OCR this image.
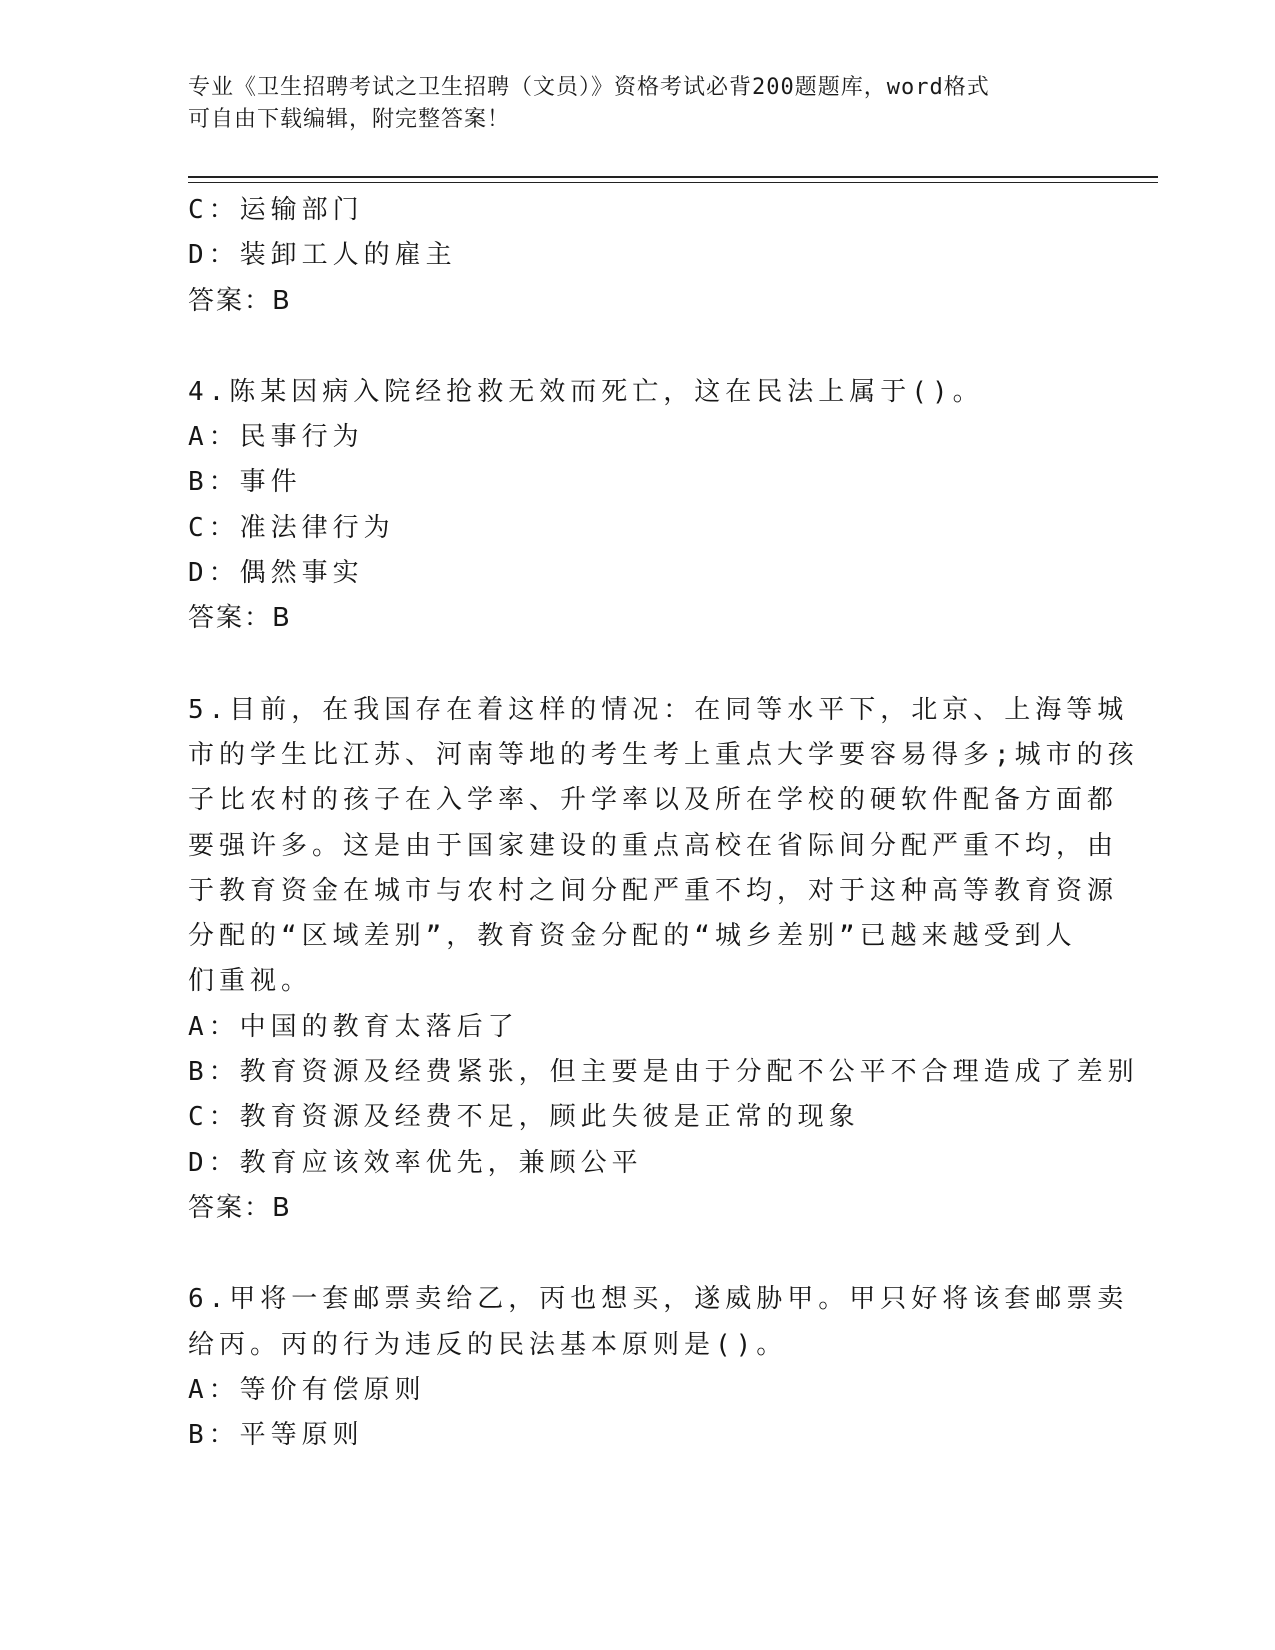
专业《卫生招聘考试之卫生招聘（文员）》资格考试必背200题题库，word格式
可自由下载编辑，附完整答案！
C：运输部门
D：装卸工人的雇主
答案：B
4.陈某因病入院经抢救无效而死亡，这在民法上属于()。
A：民事行为
B：事件
C：准法律行为
D：偶然事实
答案：B
5.目前，在我国存在着这样的情况：在同等水平下，北京、上海等城
市的学生比江苏、河南等地的考生考上重点大学要容易得多;城市的孩
子比农村的孩子在入学率、升学率以及所在学校的硬软件配备方面都
要强许多。这是由于国家建设的重点高校在省际间分配严重不均，由
于教育资金在城市与农村之间分配严重不均，对于这种高等教育资源
分配的“区域差别”，教育资金分配的“城乡差别”已越来越受到人
们重视。
A：中国的教育太落后了
B：教育资源及经费紧张，但主要是由于分配不公平不合理造成了差别
C：教育资源及经费不足，顾此失彼是正常的现象
D：教育应该效率优先，兼顾公平
答案：B
6.甲将一套邮票卖给乙，丙也想买，遂威胁甲。甲只好将该套邮票卖
给丙。丙的行为违反的民法基本原则是()。
A：等价有偿原则
B：平等原则
